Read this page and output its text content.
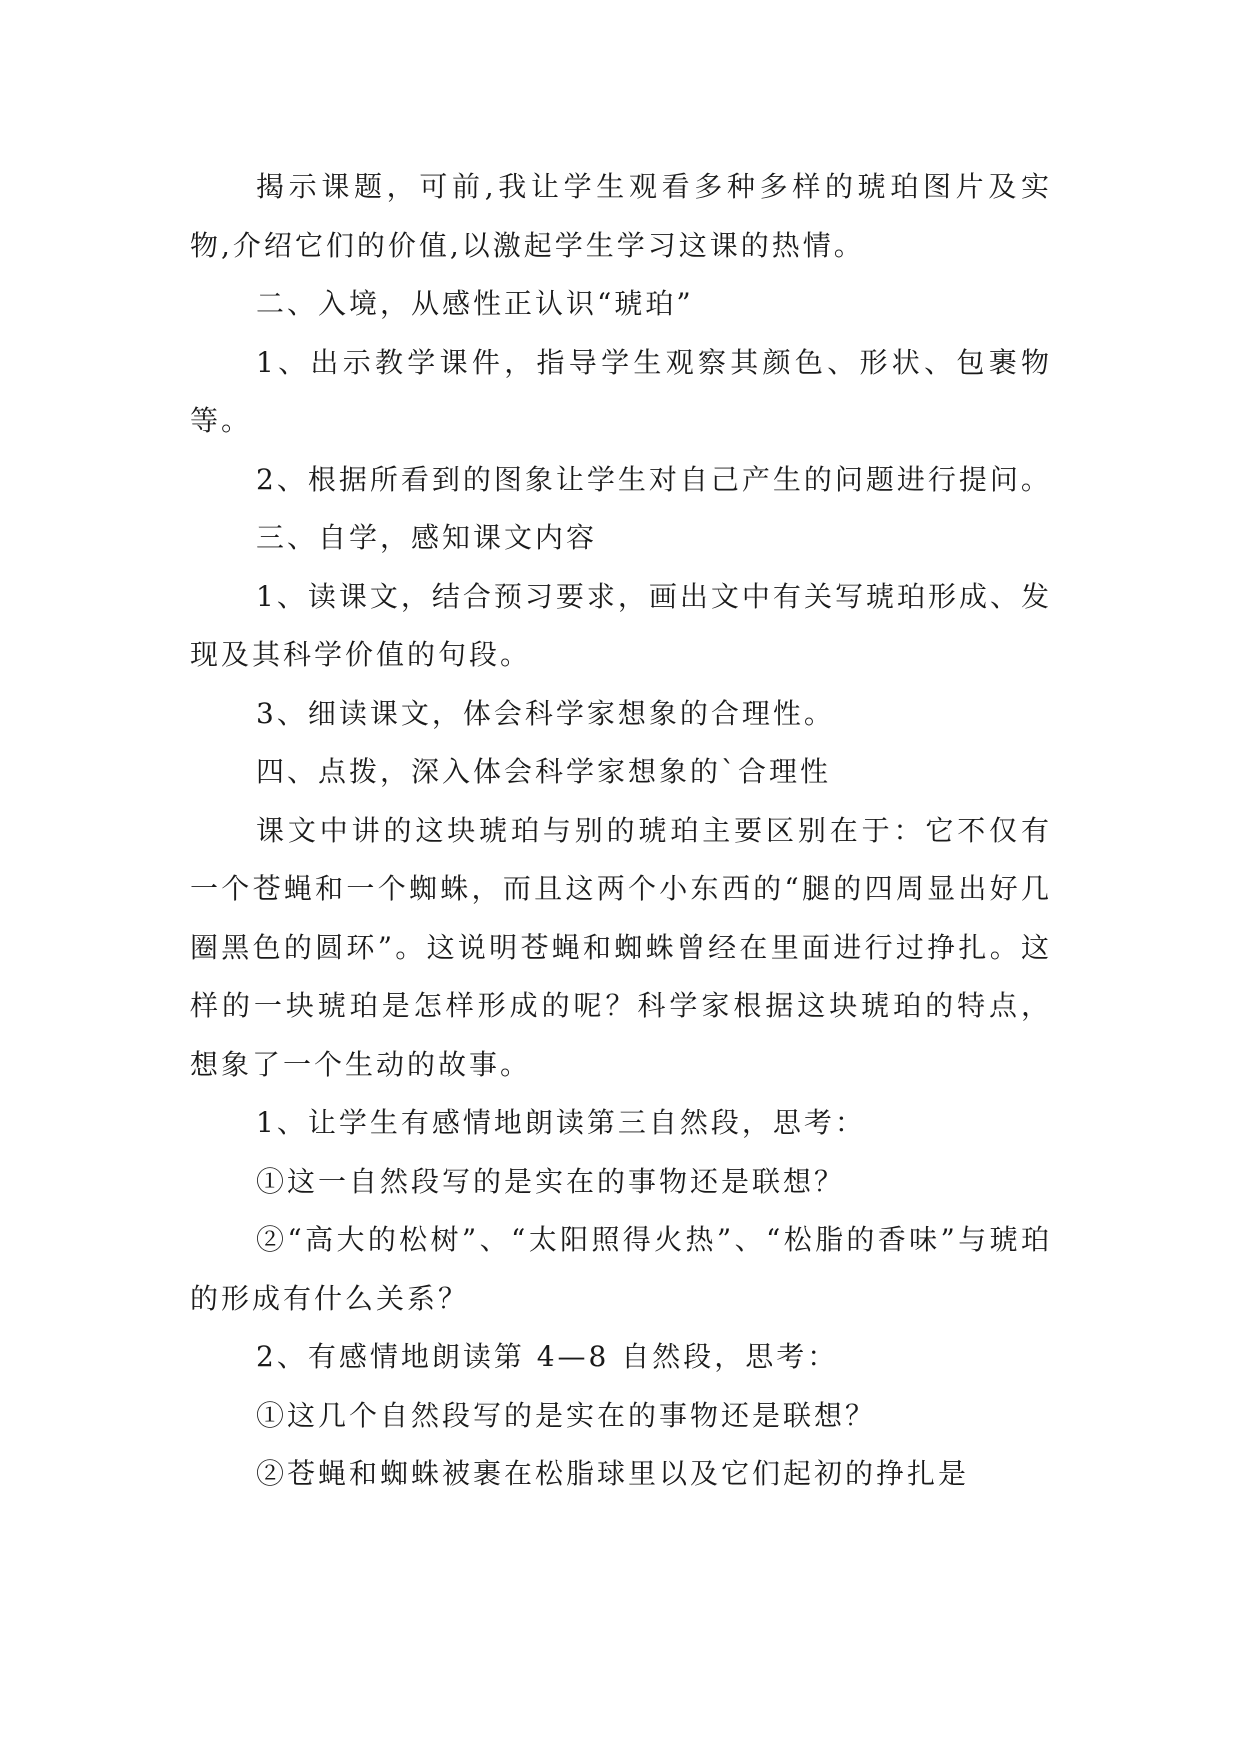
揭示课题，可前,我让学生观看多种多样的琥珀图片及实物,介绍它们的价值,以激起学生学习这课的热情。

二、入境，从感性正认识“琥珀”

1、出示教学课件，指导学生观察其颜色、形状、包裹物等。

2、根据所看到的图象让学生对自己产生的问题进行提问。

三、自学，感知课文内容

1、读课文，结合预习要求，画出文中有关写琥珀形成、发现及其科学价值的句段。

3、细读课文，体会科学家想象的合理性。

四、点拨，深入体会科学家想象的`合理性

课文中讲的这块琥珀与别的琥珀主要区别在于：它不仅有一个苍蝇和一个蜘蛛，而且这两个小东西的“腿的四周显出好几圈黑色的圆环”。这说明苍蝇和蜘蛛曾经在里面进行过挣扎。这样的一块琥珀是怎样形成的呢？科学家根据这块琥珀的特点，想象了一个生动的故事。

1、让学生有感情地朗读第三自然段，思考：

①这一自然段写的是实在的事物还是联想？

②“高大的松树”、“太阳照得火热”、“松脂的香味”与琥珀的形成有什么关系？

2、有感情地朗读第 4—8 自然段，思考：

①这几个自然段写的是实在的事物还是联想？

②苍蝇和蜘蛛被裹在松脂球里以及它们起初的挣扎是
